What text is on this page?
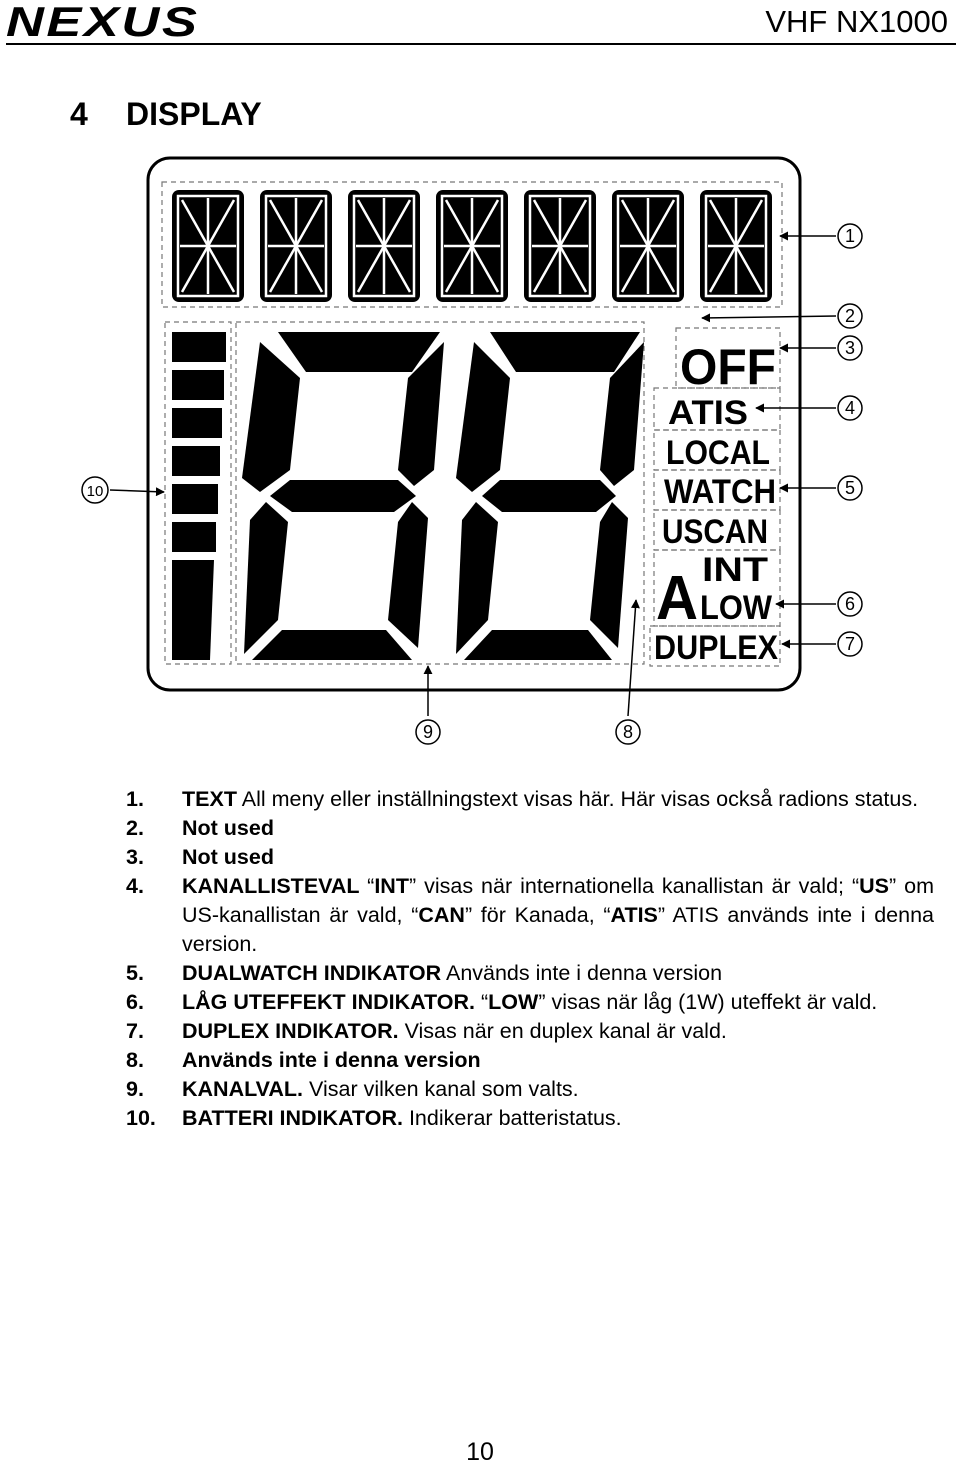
NEXUS	VHF NX1000
4 DISPLAY
OFF
ATIS
LOCAL
WATCH
USCAN
INT
LOW
DUPLEX
A
1
2
3
4
5
6
7
8
9
10
1.	TEXT All meny eller inställningstext visas här. Här visas också radions status.
2.	Not used
3.	Not used
4.	KANALLISTEVAL “INT” visas när internationella kanallistan är vald; “US” om US-kanallistan är vald, “CAN” för Kanada, “ATIS” ATIS används inte i denna version.
5.	DUALWATCH INDIKATOR Används inte i denna version
6.	LÅG UTEFFEKT INDIKATOR. “LOW” visas när låg (1W) uteffekt är vald.
7.	DUPLEX INDIKATOR. Visas när en duplex kanal är vald.
8.	Används inte i denna version
9.	KANALVAL. Visar vilken kanal som valts.
10.	BATTERI INDIKATOR. Indikerar batteristatus.
10
